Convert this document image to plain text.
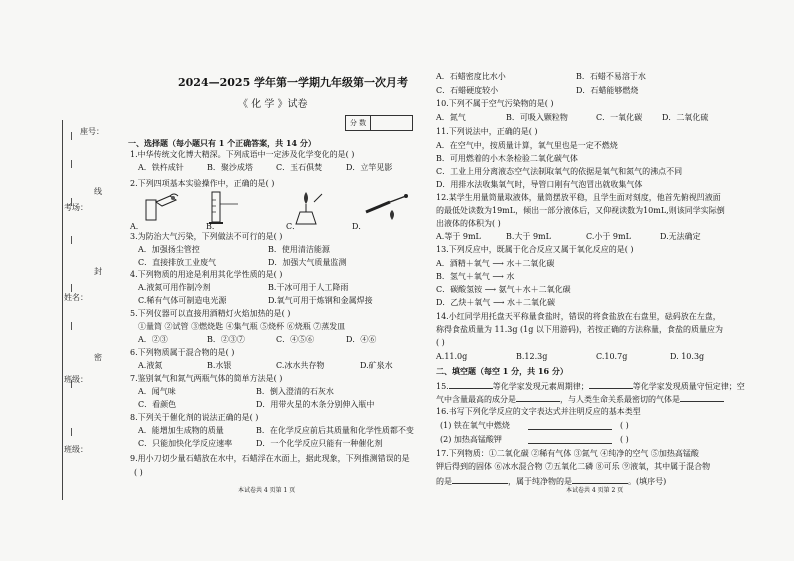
座号：
考场：
班级：
姓名：
班级：
封
线
密
2024—2025 学年第一学期九年级第一次月考
《 化 学 》试卷
分 数
一、选择题（每小题只有 1 个正确答案，共 14 分）
1.中华传统文化博大精深。下列成语中一定涉及化学变化的是( )
A．铁杵成针	B．聚沙成塔	C．玉石俱焚	D．立竿见影
2.下列四项基本实验操作中，正确的是( )
A．	B．	C．	D．
3.为防治大气污染，下列做法不可行的是( )
A．加强扬尘管控	B．使用清洁能源
C．直接排放工业废气	D．加强大气质量监测
4.下列物质的用途是利用其化学性质的是( )
A.液氮可用作制冷剂	B.干冰可用于人工降雨
C.稀有气体可制造电光源	D.氧气可用于炼钢和金属焊接
5.下列仪器可以直接用酒精灯火焰加热的是( )
①量筒 ②试管 ③燃烧匙 ④集气瓶 ⑤烧杯 ⑥烧瓶 ⑦蒸发皿
A．②③	B．②③⑦	C．④⑤⑥	D．④⑥
6.下列物质属于混合物的是( )
A.液氮	B.水银	C.冰水共存物	D.矿泉水
7.鉴别氧气和氮气两瓶气体的简单方法是( )
A．闻气味	B．倒入澄清的石灰水
C．看颜色	D．用带火星的木条分别伸入瓶中
8.下列关于催化剂的说法正确的是( )
A．能增加生成物的质量	B．在化学反应前后其质量和化学性质都不变
C．只能加快化学反应速率	D．一个化学反应只能有一种催化剂
9.用小刀切少量石蜡放在水中，石蜡浮在水面上，据此现象，下列推测错误的是
( )
本试卷共 4 页第 1 页
A．石蜡密度比水小	B．石蜡不易溶于水
C．石蜡硬度较小	D．石蜡能够燃烧
10.下列不属于空气污染物的是( )
A．氮气	B．可吸入颗粒物	C．一氧化碳 D．二氧化硫
11.下列说法中，正确的是( )
A．在空气中，按质量计算，氧气里也是一定不燃烧
B．可用燃着的小木条检验二氧化碳气体
C．工业上用分离液态空气法制取氧气的依据是氧气和氮气的沸点不同
D．用排水法收集氧气时，导管口刚有气泡冒出就收集气体
12.某学生用量筒量取液体，量筒摆放平稳，且学生面对刻度，他首先俯视凹液面
的最低处读数为19mL，倾出一部分液体后，又仰视读数为10mL,则该同学实际倒
出液体的体积为( )
A.等于 9mL	B.大于 9mL	C.小于 9mL	D.无法确定
13.下列反应中，既属于化合反应又属于氧化反应的是( )
A．酒精＋氧气 ⟶ 水＋二氧化碳
B．氢气＋氧气 ⟶ 水
C．碳酸氢铵 ⟶ 氨气＋水＋二氧化碳
D．乙炔＋氧气 ⟶ 水＋二氧化碳
14.小红同学用托盘天平称量食盐时，错误的将食盐放在右盘里，砝码放在左盘，
称得食盐质量为 11.3g (1g 以下用游码)，若按正确的方法称量，食盐的质量应为
( )
A.11.0g	B.12.3g	C.10.7g	D. 10.3g
二、填空题（每空 1 分，共 16 分）
15.	等化学家发现元素周期律；	等化学家发现质量守恒定律；空
气中含量最高的成分是	，与人类生命关系最密切的气体是
16.书写下列化学反应的文字表达式并注明反应的基本类型
(1) 铁在氧气中燃烧	( )
(2) 加热高锰酸钾	( )
17.下列物质：①二氧化碳 ②稀有气体 ③氮气 ④纯净的空气 ⑤加热高锰酸
钾后得到的固体 ⑥冰水混合物 ⑦五氧化二磷 ⑧可乐 ⑨液氧，其中属于混合物
的是	，属于纯净物的是	。(填序号)
本试卷共 4 页第 2 页
